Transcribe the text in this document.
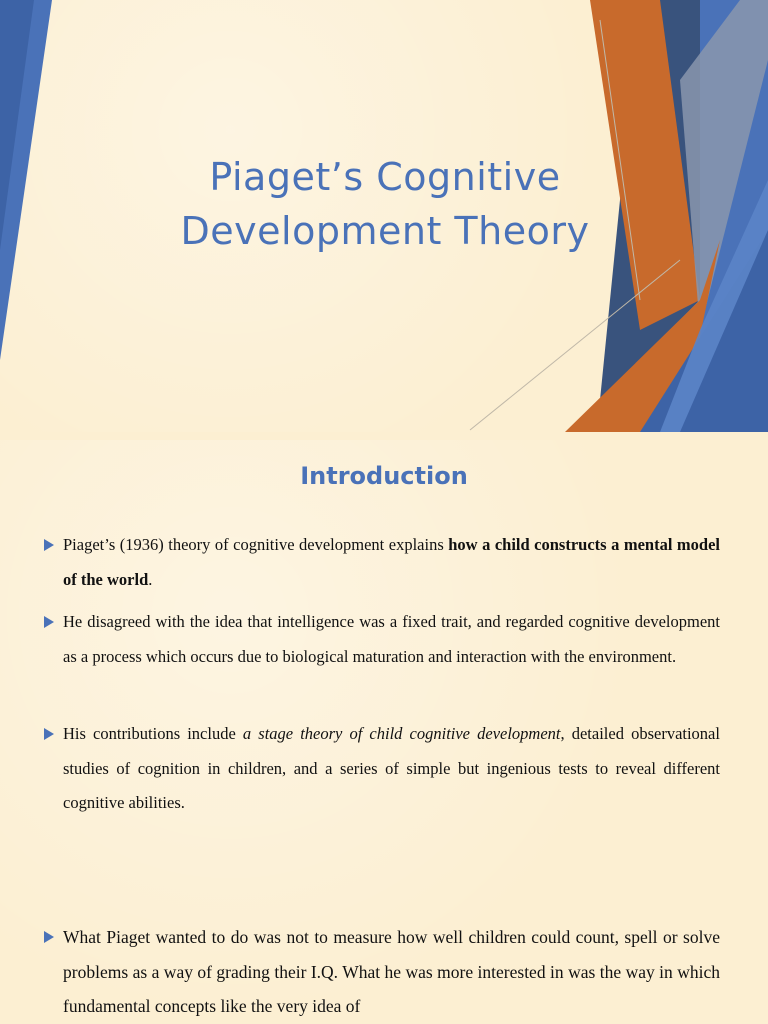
Piaget’s Cognitive
Development Theory
Introduction
Piaget’s (1936) theory of cognitive development explains how a child constructs a mental model of the world.
He disagreed with the idea that intelligence was a fixed trait, and regarded cognitive development as a process which occurs due to biological maturation and interaction with the environment.
His contributions include a stage theory of child cognitive development, detailed observational studies of cognition in children, and a series of simple but ingenious tests to reveal different cognitive abilities.
What Piaget wanted to do was not to measure how well children could count, spell or solve problems as a way of grading their I.Q. What he was more interested in was the way in which fundamental concepts like the very idea of
